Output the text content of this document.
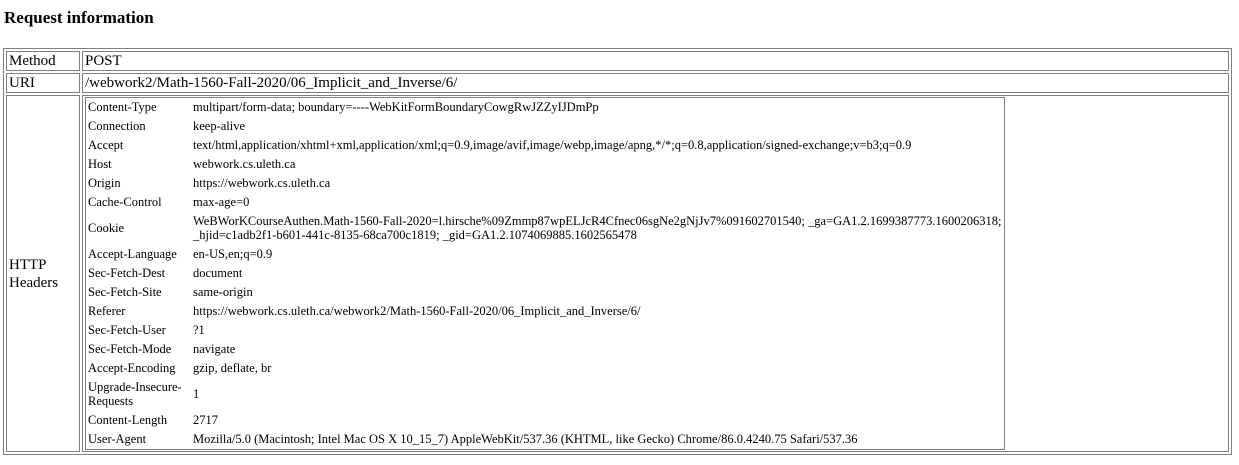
Request information
Method	POST
URI	/webwork2/Math-1560-Fall-2020/06_Implicit_and_Inverse/6/
HTTP
Headers	
Content-Type	multipart/form-data; boundary=----WebKitFormBoundaryCowgRwJZZyIJDmPp
Connection	keep-alive
Accept	text/html,application/xhtml+xml,application/xml;q=0.9,image/avif,image/webp,image/apng,*/*;q=0.8,application/signed-exchange;v=b3;q=0.9
Host	webwork.cs.uleth.ca
Origin	https://webwork.cs.uleth.ca
Cache-Control	max-age=0
Cookie	WeBWorKCourseAuthen.Math-1560-Fall-2020=l.hirsche%09Zmmp87wpELJcR4Cfnec06sgNe2gNjJv7%091602701540; _ga=GA1.2.1699387773.1600206318;
_hjid=c1adb2f1-b601-441c-8135-68ca700c1819; _gid=GA1.2.1074069885.1602565478
Accept-Language	en-US,en;q=0.9
Sec-Fetch-Dest	document
Sec-Fetch-Site	same-origin
Referer	https://webwork.cs.uleth.ca/webwork2/Math-1560-Fall-2020/06_Implicit_and_Inverse/6/
Sec-Fetch-User	?1
Sec-Fetch-Mode	navigate
Accept-Encoding	gzip, deflate, br
Upgrade-Insecure-
Requests	1
Content-Length	2717
User-Agent	Mozilla/5.0 (Macintosh; Intel Mac OS X 10_15_7) AppleWebKit/537.36 (KHTML, like Gecko) Chrome/86.0.4240.75 Safari/537.36
